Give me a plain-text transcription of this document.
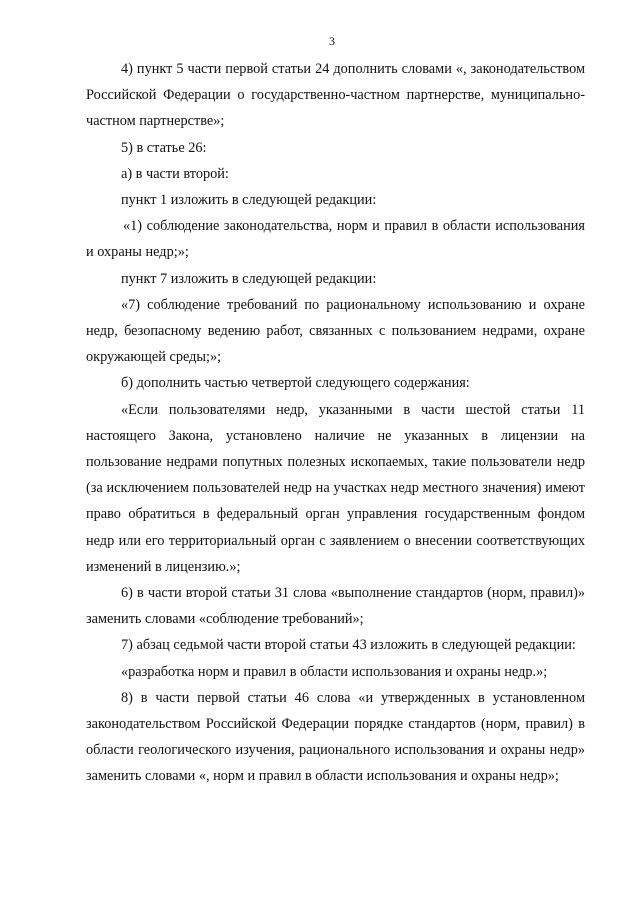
3

4) пункт 5 части первой статьи 24 дополнить словами «, законодательством Российской Федерации о государственно-частном партнерстве, муниципально-частном партнерстве»;

5) в статье 26:

а) в части второй:

пункт 1 изложить в следующей редакции:

«1) соблюдение законодательства, норм и правил в области использования и охраны недр;»;

пункт 7 изложить в следующей редакции:

«7) соблюдение требований по рациональному использованию и охране недр, безопасному ведению работ, связанных с пользованием недрами, охране окружающей среды;»;

б) дополнить частью четвертой следующего содержания:

«Если пользователями недр, указанными в части шестой статьи 11 настоящего Закона, установлено наличие не указанных в лицензии на пользование недрами попутных полезных ископаемых, такие пользователи недр (за исключением пользователей недр на участках недр местного значения) имеют право обратиться в федеральный орган управления государственным фондом недр или его территориальный орган с заявлением о внесении соответствующих изменений в лицензию.»;

6) в части второй статьи 31 слова «выполнение стандартов (норм, правил)» заменить словами «соблюдение требований»;

7) абзац седьмой части второй статьи 43 изложить в следующей редакции:

«разработка норм и правил в области использования и охраны недр.»;

8) в части первой статьи 46 слова «и утвержденных в установленном законодательством Российской Федерации порядке стандартов (норм, правил) в области геологического изучения, рационального использования и охраны недр» заменить словами «, норм и правил в области использования и охраны недр»;
